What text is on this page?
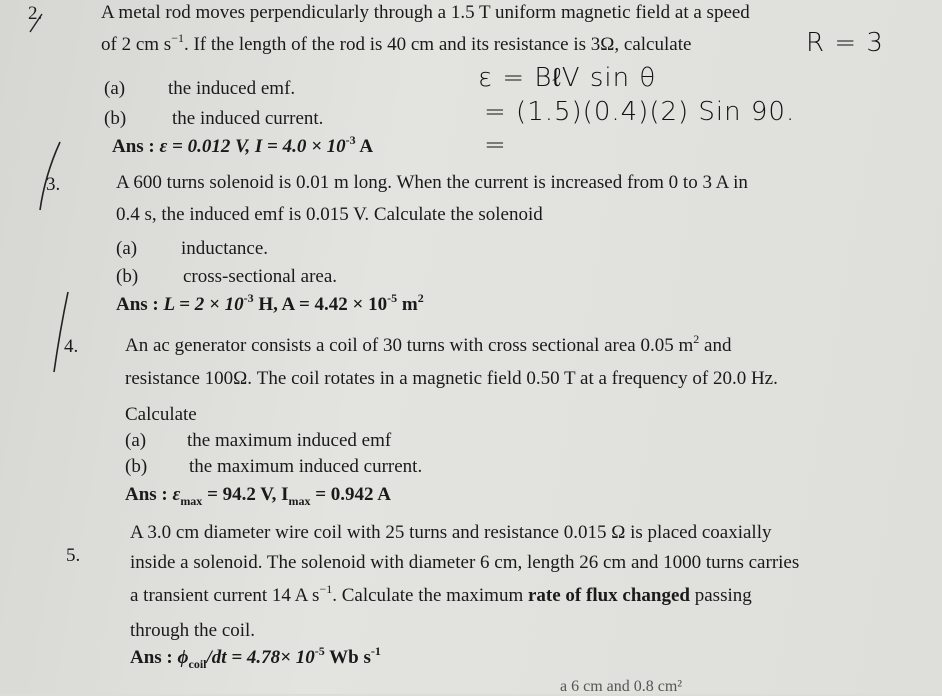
2.	A metal rod moves perpendicularly through a 1.5 T uniform magnetic field at a speed
of 2 cm $s^{-1}$. If the length of the rod is 40 cm and its resistance is 3Ω, calculate
(a) the induced emf.
(b) the induced current.
Ans : ε = 0.012 V, $I = 4.0 \times 10^{-3}$ A
R = 3
ε = BℓV sin θ
= (1.5)(0.4)(2) Sin 90.
=
3.	A 600 turns solenoid is 0.01 m long. When the current is increased from 0 to 3 A in
0.4 s, the induced emf is 0.015 V. Calculate the solenoid
(a) inductance.
(b) cross-sectional area.
Ans : $L = 2 \times 10^{-3}$ H, $A = 4.42 \times 10^{-5}$ $m^2$
4. An ac generator consists a coil of 30 turns with cross sectional area 0.05 $m^2$ and
resistance 100Ω. The coil rotates in a magnetic field 0.50 T at a frequency of 20.0 Hz.
Calculate
(a) the maximum induced emf
(b) the maximum induced current.
Ans : $\varepsilon_{max} = 94.2$ V, $I_{max} = 0.942$ A
5.
A 3.0 cm diameter wire coil with 25 turns and resistance 0.015 Ω is placed coaxially
inside a solenoid. The solenoid with diameter 6 cm, length 26 cm and 1000 turns carries
a transient current 14 A $s^{-1}$. Calculate the maximum rate of flux changed passing
through the coil.
Ans : $\phi_{coil}/dt = 4.78\times 10^{-5}$ Wb $s^{-1}$
a 6 cm and 0.8 cm²
